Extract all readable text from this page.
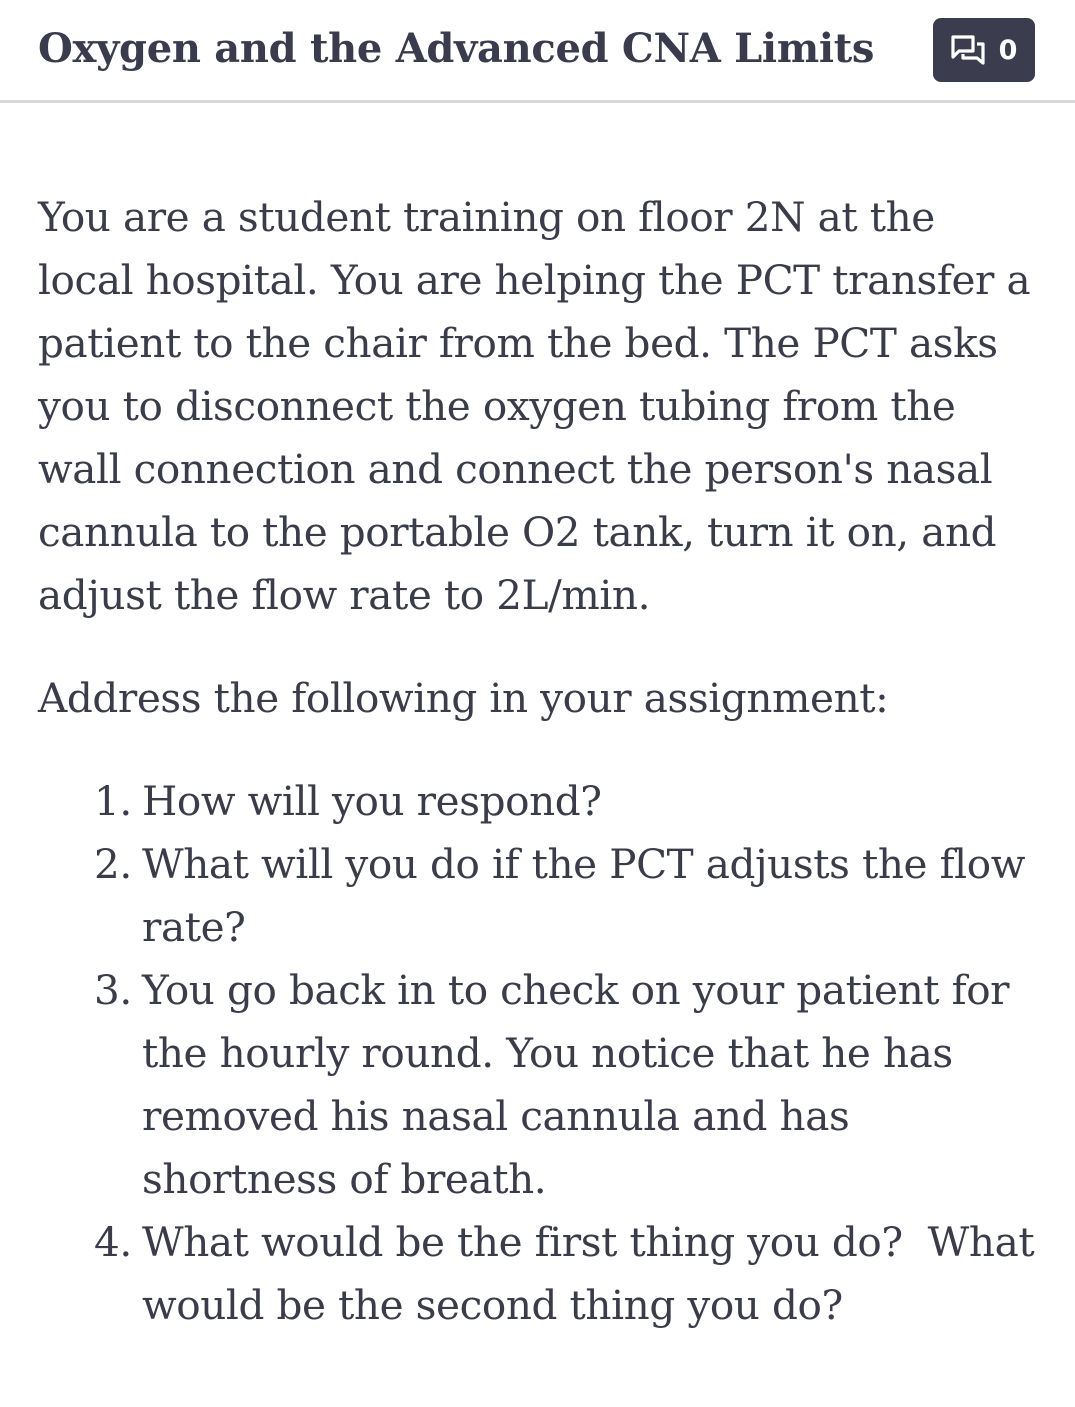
Oxygen and the Advanced CNA Limits	0

You are a student training on floor 2N at the local hospital. You are helping the PCT transfer a patient to the chair from the bed. The PCT asks you to disconnect the oxygen tubing from the wall connection and connect the person's nasal cannula to the portable O2 tank, turn it on, and adjust the flow rate to 2L/min.

Address the following in your assignment:

1. How will you respond?
2. What will you do if the PCT adjusts the flow rate?
3. You go back in to check on your patient for the hourly round. You notice that he has removed his nasal cannula and has shortness of breath.
4. What would be the first thing you do?  What would be the second thing you do?
